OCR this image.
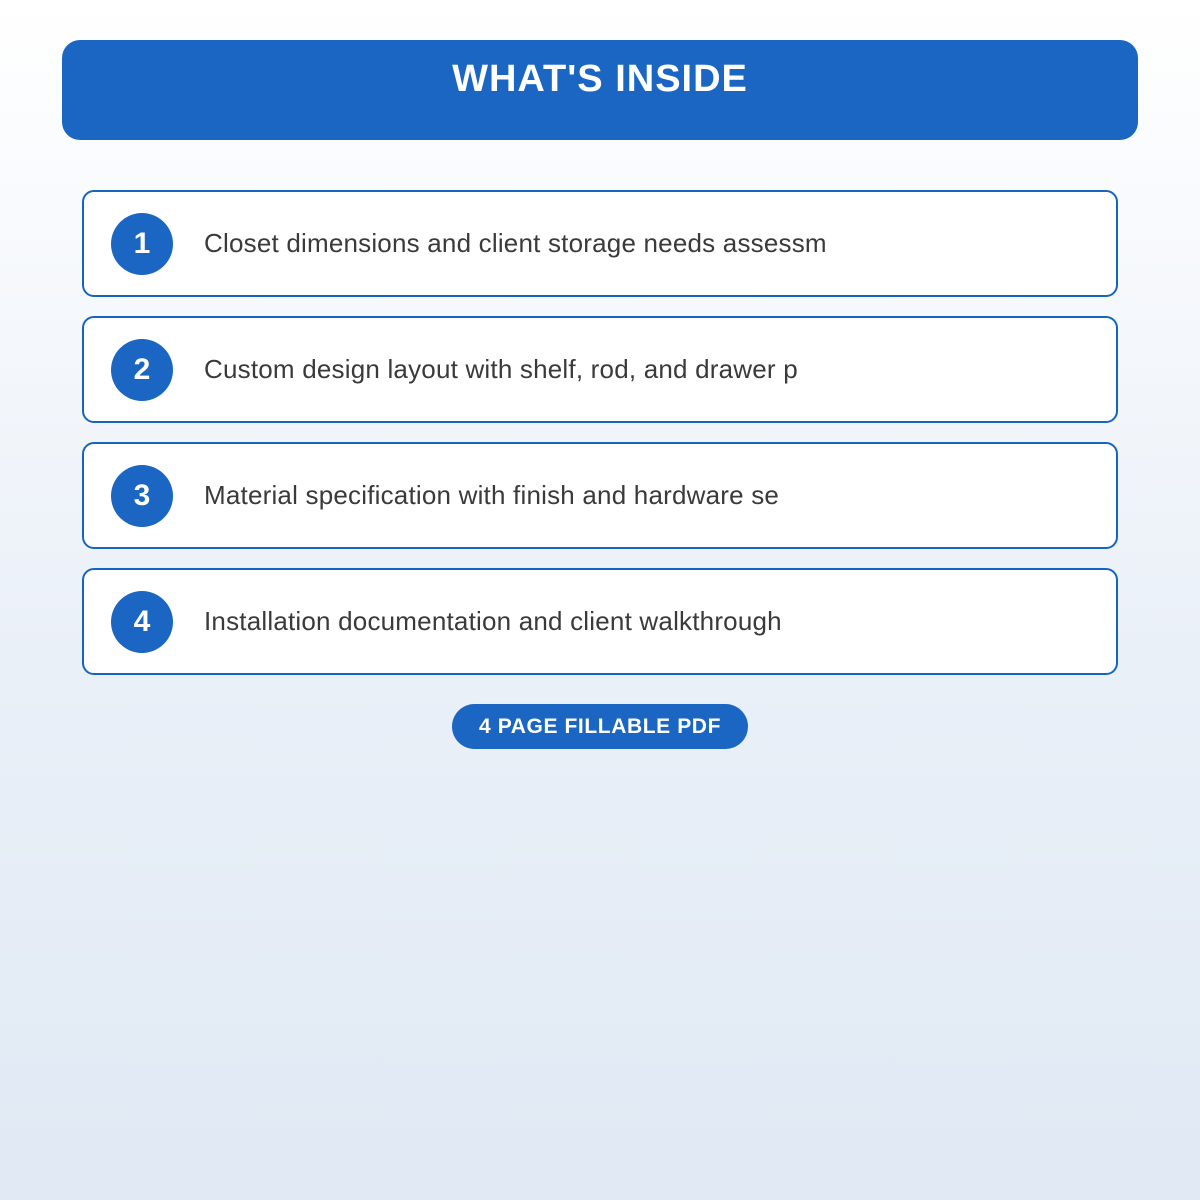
WHAT'S INSIDE
1	Closet dimensions and client storage needs assessm
2	Custom design layout with shelf, rod, and drawer p
3	Material specification with finish and hardware se
4	Installation documentation and client walkthrough
4 PAGE FILLABLE PDF
